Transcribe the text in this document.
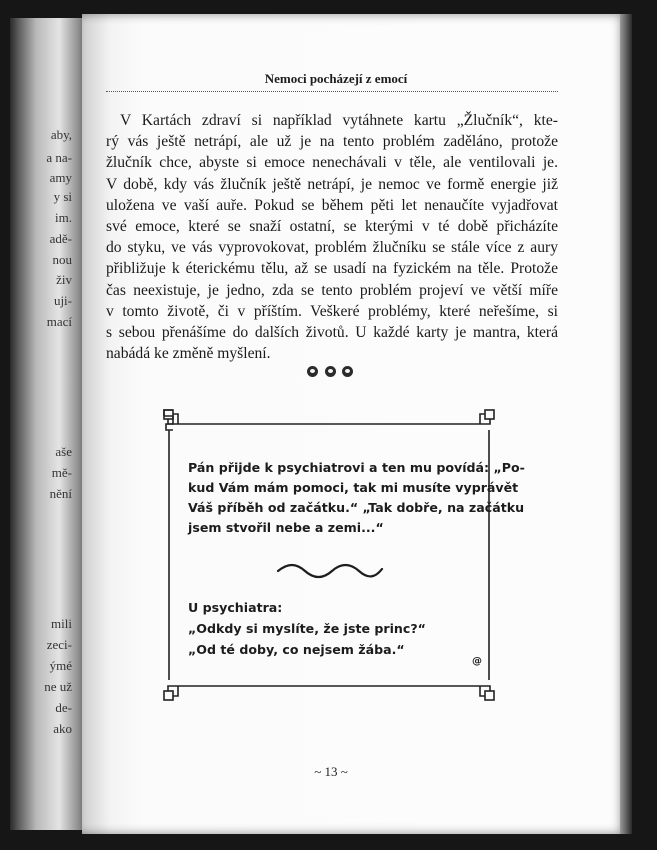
aby,
a na-
amy
y si
im.
adě-
nou
živ
uji-
mací
aše
mě-
nění
mili
zeci-
ýmé
ne už
de-
ako
Nemoci pocházejí z emocí
V Kartách zdraví si například vytáhnete kartu „Žlučník“, kte-
rý vás ještě netrápí, ale už je na tento problém zaděláno, protože
žlučník chce, abyste si emoce nenechávali v těle, ale ventilovali je.
V době, kdy vás žlučník ještě netrápí, je nemoc ve formě energie již
uložena ve vaší auře. Pokud se během pěti let nenaučíte vyjadřovat
své emoce, které se snaží ostatní, se kterými v té době přicházíte
do styku, ve vás vyprovokovat, problém žlučníku se stále více z aury
přibližuje k éterickému tělu, až se usadí na fyzickém na těle. Protože
čas neexistuje, je jedno, zda se tento problém projeví ve větší míře
v tomto životě, či v příštím. Veškeré problémy, které neřešíme, si
s sebou přenášíme do dalších životů. U každé karty je mantra, která
nabádá ke změně myšlení.
Pán přijde k psychiatrovi a ten mu povídá: „Po-
kud Vám mám pomoci, tak mi musíte vyprávět
Váš příběh od začátku.“ „Tak dobře, na začátku
jsem stvořil nebe a zemi...“
U psychiatra:
„Odkdy si myslíte, že jste princ?“
„Od té doby, co nejsem žába.“
@
~ 13 ~
